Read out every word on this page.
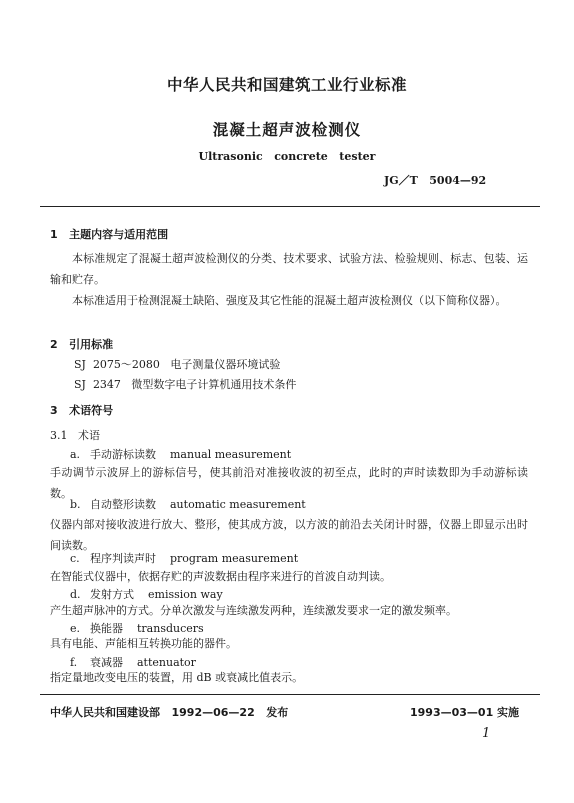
中华人民共和国建筑工业行业标准
混凝土超声波检测仪
Ultrasonic   concrete   tester
JG／T   5004—92
1   主题内容与适用范围
本标准规定了混凝土超声波检测仪的分类、技术要求、试验方法、检验规则、标志、包装、运输和贮存。
本标准适用于检测混凝土缺陷、强度及其它性能的混凝土超声波检测仪（以下简称仪器）。
2   引用标准
SJ  2075～2080   电子测量仪器环境试验
SJ  2347   微型数字电子计算机通用技术条件
3   术语符号
3.1   术语
a. 手动游标读数 manual measurement
手动调节示波屏上的游标信号，使其前沿对准接收波的初至点，此时的声时读数即为手动游标读数。
b. 自动整形读数 automatic measurement
仪器内部对接收波进行放大、整形，使其成方波，以方波的前沿去关闭计时器，仪器上即显示出时间读数。
c. 程序判读声时 program measurement
在智能式仪器中，依据存贮的声波数据由程序来进行的首波自动判读。
d. 发射方式 emission way
产生超声脉冲的方式。分单次激发与连续激发两种，连续激发要求一定的激发频率。
e. 换能器 transducers
具有电能、声能相互转换功能的器件。
f. 衰减器 attenuator
指定量地改变电压的装置，用 dB 或衰减比值表示。
中华人民共和国建设部   1992—06—22   发布	1993—03—01 实施
1
